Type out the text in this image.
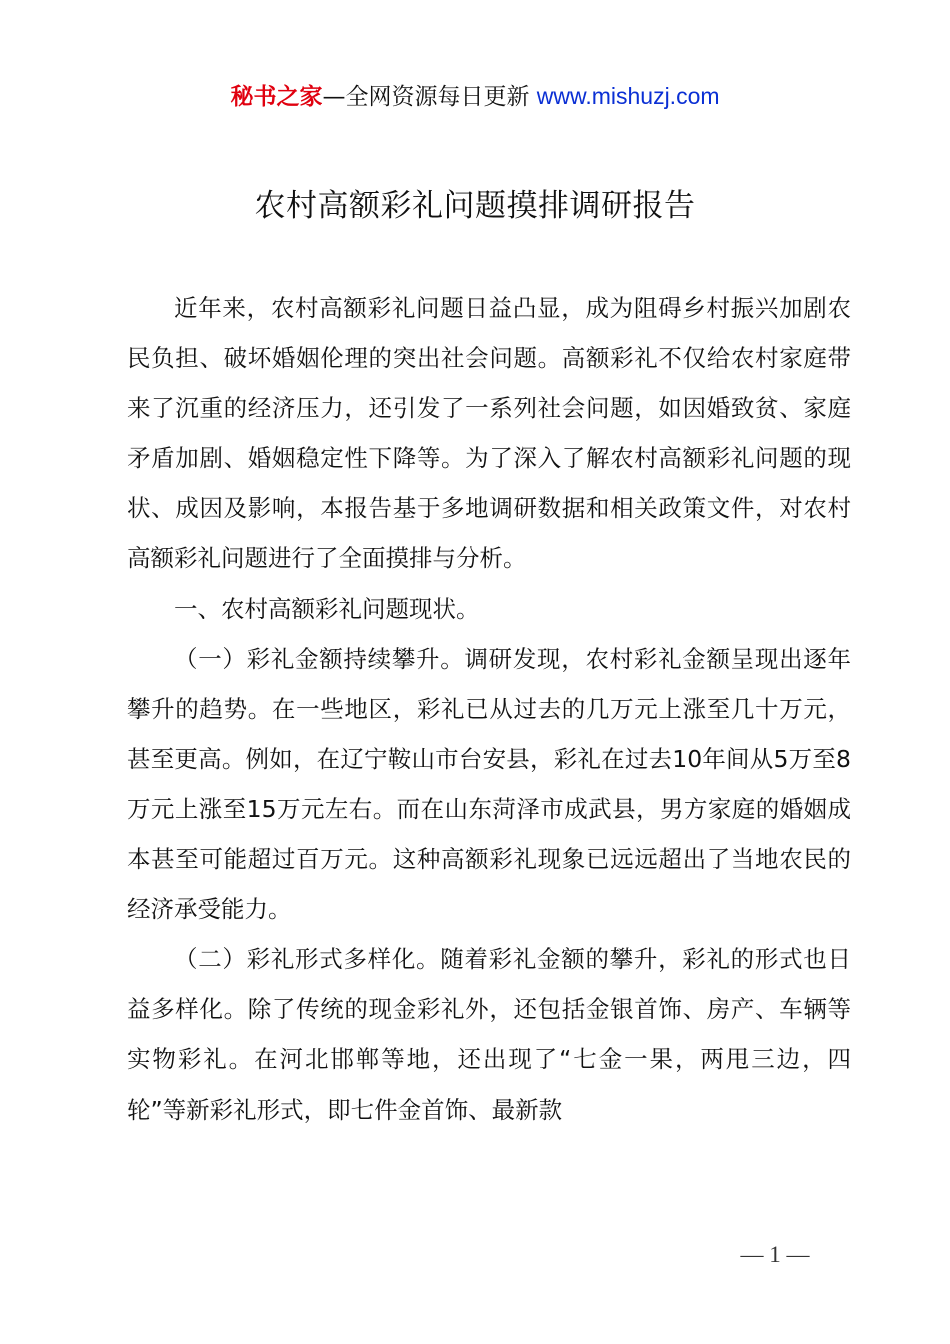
秘书之家—全网资源每日更新 www.mishuzj.com
农村高额彩礼问题摸排调研报告

近年来，农村高额彩礼问题日益凸显，成为阻碍乡村振兴加剧农民负担、破坏婚姻伦理的突出社会问题。高额彩礼不仅给农村家庭带来了沉重的经济压力，还引发了一系列社会问题，如因婚致贫、家庭矛盾加剧、婚姻稳定性下降等。为了深入了解农村高额彩礼问题的现状、成因及影响，本报告基于多地调研数据和相关政策文件，对农村高额彩礼问题进行了全面摸排与分析。

一、农村高额彩礼问题现状。

（一）彩礼金额持续攀升。调研发现，农村彩礼金额呈现出逐年攀升的趋势。在一些地区，彩礼已从过去的几万元上涨至几十万元，甚至更高。例如，在辽宁鞍山市台安县，彩礼在过去10年间从5万至8万元上涨至15万元左右。而在山东菏泽市成武县，男方家庭的婚姻成本甚至可能超过百万元。这种高额彩礼现象已远远超出了当地农民的经济承受能力。

（二）彩礼形式多样化。随着彩礼金额的攀升，彩礼的形式也日益多样化。除了传统的现金彩礼外，还包括金银首饰、房产、车辆等实物彩礼。在河北邯郸等地，还出现了“七金一果，两甩三边，四轮”等新彩礼形式，即七件金首饰、最新款

— 1 —
